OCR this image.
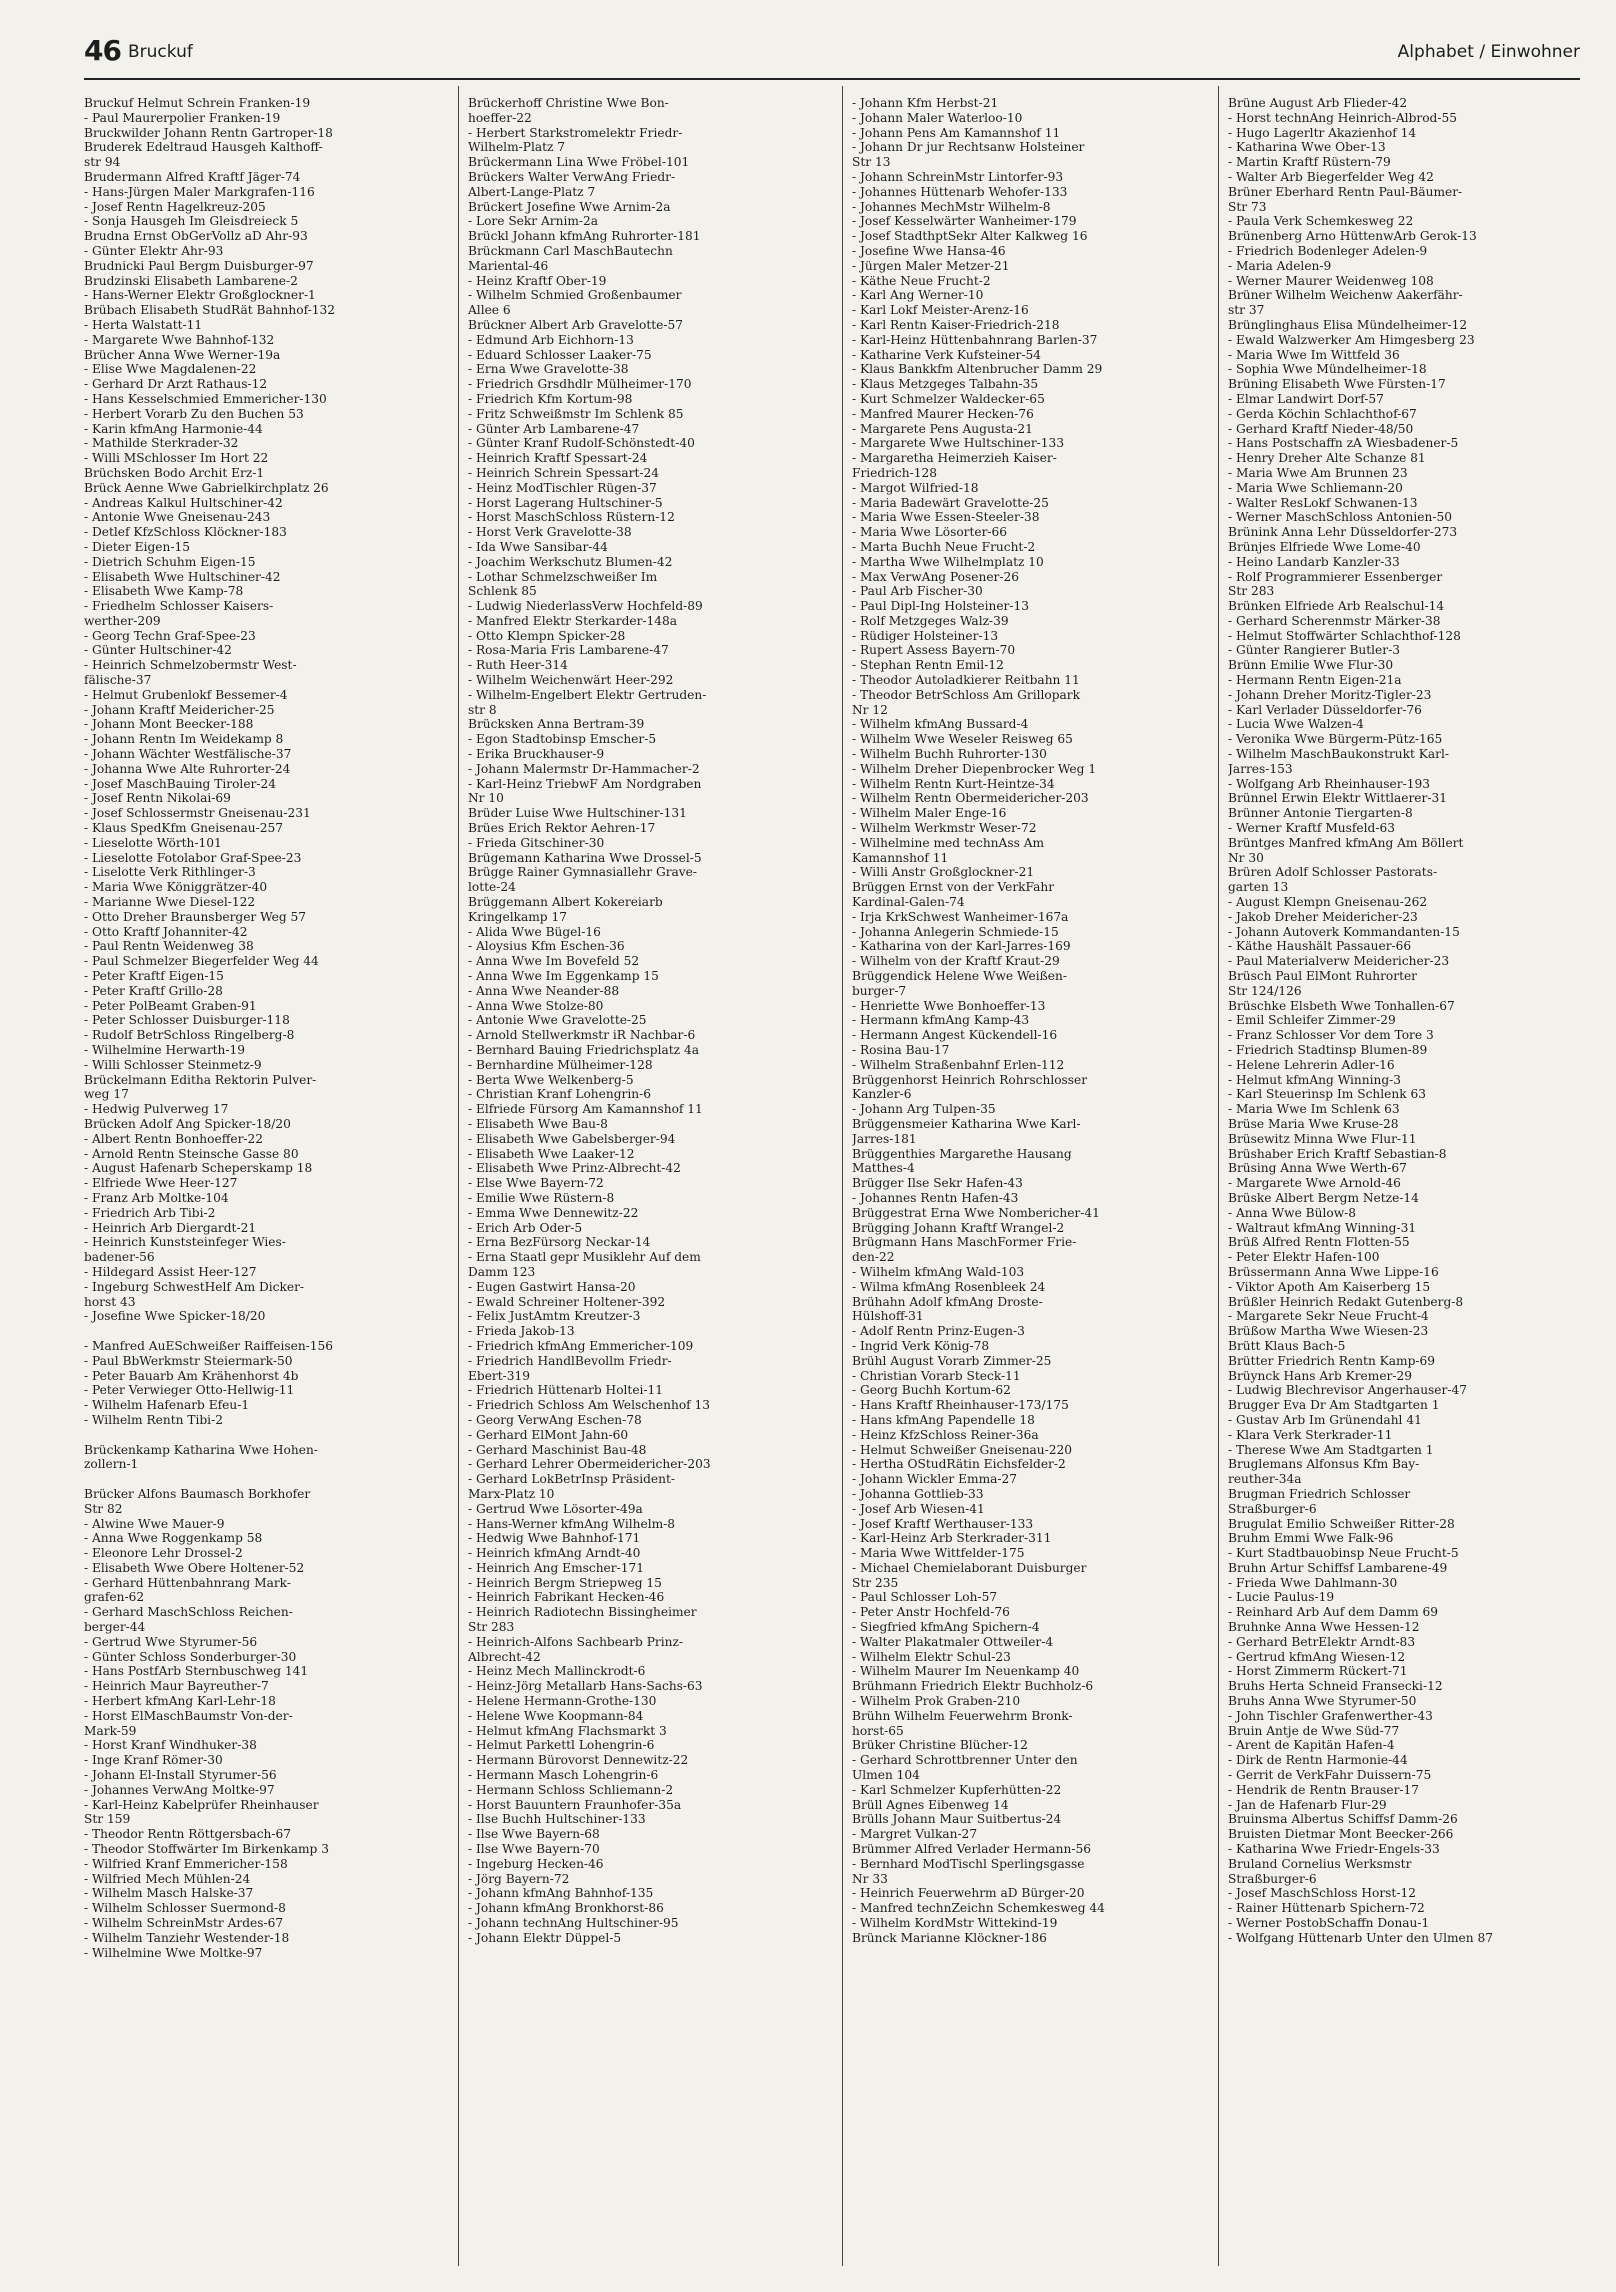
46 Bruckuf	Alphabet / Einwohner
Bruckuf Helmut Schrein Franken-19
- Paul Maurerpolier Franken-19
Bruckwilder Johann Rentn Gartroper-18
Bruderek Edeltraud Hausgeh Kalthoff-
str 94
Brudermann Alfred Kraftf Jäger-74
- Hans-Jürgen Maler Markgrafen-116
- Josef Rentn Hagelkreuz-205
- Sonja Hausgeh Im Gleisdreieck 5
Brudna Ernst ObGerVollz aD Ahr-93
- Günter Elektr Ahr-93
Brudnicki Paul Bergm Duisburger-97
Brudzinski Elisabeth Lambarene-2
- Hans-Werner Elektr Großglockner-1
Brübach Elisabeth StudRät Bahnhof-132
- Herta Walstatt-11
- Margarete Wwe Bahnhof-132
Brücher Anna Wwe Werner-19a
- Elise Wwe Magdalenen-22
- Gerhard Dr Arzt Rathaus-12
- Hans Kesselschmied Emmericher-130
- Herbert Vorarb Zu den Buchen 53
- Karin kfmAng Harmonie-44
- Mathilde Sterkrader-32
- Willi MSchlosser Im Hort 22
Brüchsken Bodo Archit Erz-1
Brück Aenne Wwe Gabrielkirchplatz 26
- Andreas Kalkul Hultschiner-42
- Antonie Wwe Gneisenau-243
- Detlef KfzSchloss Klöckner-183
- Dieter Eigen-15
- Dietrich Schuhm Eigen-15
- Elisabeth Wwe Hultschiner-42
- Elisabeth Wwe Kamp-78
- Friedhelm Schlosser Kaisers-
werther-209
- Georg Techn Graf-Spee-23
- Günter Hultschiner-42
- Heinrich Schmelzobermstr West-
fälische-37
- Helmut Grubenlokf Bessemer-4
- Johann Kraftf Meidericher-25
- Johann Mont Beecker-188
- Johann Rentn Im Weidekamp 8
- Johann Wächter Westfälische-37
- Johanna Wwe Alte Ruhrorter-24
- Josef MaschBauing Tiroler-24
- Josef Rentn Nikolai-69
- Josef Schlossermstr Gneisenau-231
- Klaus SpedKfm Gneisenau-257
- Lieselotte Wörth-101
- Lieselotte Fotolabor Graf-Spee-23
- Liselotte Verk Rithlinger-3
- Maria Wwe Königgrätzer-40
- Marianne Wwe Diesel-122
- Otto Dreher Braunsberger Weg 57
- Otto Kraftf Johanniter-42
- Paul Rentn Weidenweg 38
- Paul Schmelzer Biegerfelder Weg 44
- Peter Kraftf Eigen-15
- Peter Kraftf Grillo-28
- Peter PolBeamt Graben-91
- Peter Schlosser Duisburger-118
- Rudolf BetrSchloss Ringelberg-8
- Wilhelmine Herwarth-19
- Willi Schlosser Steinmetz-9
Brückelmann Editha Rektorin Pulver-
weg 17
- Hedwig Pulverweg 17
Brücken Adolf Ang Spicker-18/20
- Albert Rentn Bonhoeffer-22
- Arnold Rentn Steinsche Gasse 80
- August Hafenarb Scheperskamp 18
- Elfriede Wwe Heer-127
- Franz Arb Moltke-104
- Friedrich Arb Tibi-2
- Heinrich Arb Diergardt-21
- Heinrich Kunststeinfeger Wies-
badener-56
- Hildegard Assist Heer-127
- Ingeburg SchwestHelf Am Dicker-
horst 43
- Josefine Wwe Spicker-18/20
- Manfred AuESchweißer Raiffeisen-156
- Paul BbWerkmstr Steiermark-50
- Peter Bauarb Am Krähenhorst 4b
- Peter Verwieger Otto-Hellwig-11
- Wilhelm Hafenarb Efeu-1
- Wilhelm Rentn Tibi-2
Brückenkamp Katharina Wwe Hohen-
zollern-1
Brücker Alfons Baumasch Borkhofer
Str 82
- Alwine Wwe Mauer-9
- Anna Wwe Roggenkamp 58
- Eleonore Lehr Drossel-2
- Elisabeth Wwe Obere Holtener-52
- Gerhard Hüttenbahnrang Mark-
grafen-62
- Gerhard MaschSchloss Reichen-
berger-44
- Gertrud Wwe Styrumer-56
- Günter Schloss Sonderburger-30
- Hans PostfArb Sternbuschweg 141
- Heinrich Maur Bayreuther-7
- Herbert kfmAng Karl-Lehr-18
- Horst ElMaschBaumstr Von-der-
Mark-59
- Horst Kranf Windhuker-38
- Inge Kranf Römer-30
- Johann El-Install Styrumer-56
- Johannes VerwAng Moltke-97
- Karl-Heinz Kabelprüfer Rheinhauser
Str 159
- Theodor Rentn Röttgersbach-67
- Theodor Stoffwärter Im Birkenkamp 3
- Wilfried Kranf Emmericher-158
- Wilfried Mech Mühlen-24
- Wilhelm Masch Halske-37
- Wilhelm Schlosser Suermond-8
- Wilhelm SchreinMstr Ardes-67
- Wilhelm Tanziehr Westender-18
- Wilhelmine Wwe Moltke-97
Brückerhoff Christine Wwe Bon-
hoeffer-22
- Herbert Starkstromelektr Friedr-
Wilhelm-Platz 7
Brückermann Lina Wwe Fröbel-101
Brückers Walter VerwAng Friedr-
Albert-Lange-Platz 7
Brückert Josefine Wwe Arnim-2a
- Lore Sekr Arnim-2a
Brückl Johann kfmAng Ruhrorter-181
Brückmann Carl MaschBautechn
Mariental-46
- Heinz Kraftf Ober-19
- Wilhelm Schmied Großenbaumer
Allee 6
Brückner Albert Arb Gravelotte-57
- Edmund Arb Eichhorn-13
- Eduard Schlosser Laaker-75
- Erna Wwe Gravelotte-38
- Friedrich Grsdhdlr Mülheimer-170
- Friedrich Kfm Kortum-98
- Fritz Schweißmstr Im Schlenk 85
- Günter Arb Lambarene-47
- Günter Kranf Rudolf-Schönstedt-40
- Heinrich Kraftf Spessart-24
- Heinrich Schrein Spessart-24
- Heinz ModTischler Rügen-37
- Horst Lagerang Hultschiner-5
- Horst MaschSchloss Rüstern-12
- Horst Verk Gravelotte-38
- Ida Wwe Sansibar-44
- Joachim Werkschutz Blumen-42
- Lothar Schmelzschweißer Im
Schlenk 85
- Ludwig NiederlassVerw Hochfeld-89
- Manfred Elektr Sterkarder-148a
- Otto Klempn Spicker-28
- Rosa-Maria Fris Lambarene-47
- Ruth Heer-314
- Wilhelm Weichenwärt Heer-292
- Wilhelm-Engelbert Elektr Gertruden-
str 8
Brücksken Anna Bertram-39
- Egon Stadtobinsp Emscher-5
- Erika Bruckhauser-9
- Johann Malermstr Dr-Hammacher-2
- Karl-Heinz TriebwF Am Nordgraben
Nr 10
Brüder Luise Wwe Hultschiner-131
Brües Erich Rektor Aehren-17
- Frieda Gitschiner-30
Brügemann Katharina Wwe Drossel-5
Brügge Rainer Gymnasiallehr Grave-
lotte-24
Brüggemann Albert Kokereiarb
Kringelkamp 17
- Alida Wwe Bügel-16
- Aloysius Kfm Eschen-36
- Anna Wwe Im Bovefeld 52
- Anna Wwe Im Eggenkamp 15
- Anna Wwe Neander-88
- Anna Wwe Stolze-80
- Antonie Wwe Gravelotte-25
- Arnold Stellwerkmstr iR Nachbar-6
- Bernhard Bauing Friedrichsplatz 4a
- Bernhardine Mülheimer-128
- Berta Wwe Welkenberg-5
- Christian Kranf Lohengrin-6
- Elfriede Fürsorg Am Kamannshof 11
- Elisabeth Wwe Bau-8
- Elisabeth Wwe Gabelsberger-94
- Elisabeth Wwe Laaker-12
- Elisabeth Wwe Prinz-Albrecht-42
- Else Wwe Bayern-72
- Emilie Wwe Rüstern-8
- Emma Wwe Dennewitz-22
- Erich Arb Oder-5
- Erna BezFürsorg Neckar-14
- Erna Staatl gepr Musiklehr Auf dem
Damm 123
- Eugen Gastwirt Hansa-20
- Ewald Schreiner Holtener-392
- Felix JustAmtm Kreutzer-3
- Frieda Jakob-13
- Friedrich kfmAng Emmericher-109
- Friedrich HandlBevollm Friedr-
Ebert-319
- Friedrich Hüttenarb Holtei-11
- Friedrich Schloss Am Welschenhof 13
- Georg VerwAng Eschen-78
- Gerhard ElMont Jahn-60
- Gerhard Maschinist Bau-48
- Gerhard Lehrer Obermeidericher-203
- Gerhard LokBetrInsp Präsident-
Marx-Platz 10
- Gertrud Wwe Lösorter-49a
- Hans-Werner kfmAng Wilhelm-8
- Hedwig Wwe Bahnhof-171
- Heinrich kfmAng Arndt-40
- Heinrich Ang Emscher-171
- Heinrich Bergm Striepweg 15
- Heinrich Fabrikant Hecken-46
- Heinrich Radiotechn Bissingheimer
Str 283
- Heinrich-Alfons Sachbearb Prinz-
Albrecht-42
- Heinz Mech Mallinckrodt-6
- Heinz-Jörg Metallarb Hans-Sachs-63
- Helene Hermann-Grothe-130
- Helene Wwe Koopmann-84
- Helmut kfmAng Flachsmarkt 3
- Helmut Parkettl Lohengrin-6
- Hermann Bürovorst Dennewitz-22
- Hermann Masch Lohengrin-6
- Hermann Schloss Schliemann-2
- Horst Bauuntern Fraunhofer-35a
- Ilse Buchh Hultschiner-133
- Ilse Wwe Bayern-68
- Ilse Wwe Bayern-70
- Ingeburg Hecken-46
- Jörg Bayern-72
- Johann kfmAng Bahnhof-135
- Johann kfmAng Bronkhorst-86
- Johann technAng Hultschiner-95
- Johann Elektr Düppel-5
- Johann Kfm Herbst-21
- Johann Maler Waterloo-10
- Johann Pens Am Kamannshof 11
- Johann Dr jur Rechtsanw Holsteiner
Str 13
- Johann SchreinMstr Lintorfer-93
- Johannes Hüttenarb Wehofer-133
- Johannes MechMstr Wilhelm-8
- Josef Kesselwärter Wanheimer-179
- Josef StadthptSekr Alter Kalkweg 16
- Josefine Wwe Hansa-46
- Jürgen Maler Metzer-21
- Käthe Neue Frucht-2
- Karl Ang Werner-10
- Karl Lokf Meister-Arenz-16
- Karl Rentn Kaiser-Friedrich-218
- Karl-Heinz Hüttenbahnrang Barlen-37
- Katharine Verk Kufsteiner-54
- Klaus Bankkfm Altenbrucher Damm 29
- Klaus Metzgeges Talbahn-35
- Kurt Schmelzer Waldecker-65
- Manfred Maurer Hecken-76
- Margarete Pens Augusta-21
- Margarete Wwe Hultschiner-133
- Margaretha Heimerzieh Kaiser-
Friedrich-128
- Margot Wilfried-18
- Maria Badewärt Gravelotte-25
- Maria Wwe Essen-Steeler-38
- Maria Wwe Lösorter-66
- Marta Buchh Neue Frucht-2
- Martha Wwe Wilhelmplatz 10
- Max VerwAng Posener-26
- Paul Arb Fischer-30
- Paul Dipl-Ing Holsteiner-13
- Rolf Metzgeges Walz-39
- Rüdiger Holsteiner-13
- Rupert Assess Bayern-70
- Stephan Rentn Emil-12
- Theodor Autoladkierer Reitbahn 11
- Theodor BetrSchloss Am Grillopark
Nr 12
- Wilhelm kfmAng Bussard-4
- Wilhelm Wwe Weseler Reisweg 65
- Wilhelm Buchh Ruhrorter-130
- Wilhelm Dreher Diepenbrocker Weg 1
- Wilhelm Rentn Kurt-Heintze-34
- Wilhelm Rentn Obermeidericher-203
- Wilhelm Maler Enge-16
- Wilhelm Werkmstr Weser-72
- Wilhelmine med technAss Am
Kamannshof 11
- Willi Anstr Großglockner-21
Brüggen Ernst von der VerkFahr
Kardinal-Galen-74
- Irja KrkSchwest Wanheimer-167a
- Johanna Anlegerin Schmiede-15
- Katharina von der Karl-Jarres-169
- Wilhelm von der Kraftf Kraut-29
Brüggendick Helene Wwe Weißen-
burger-7
- Henriette Wwe Bonhoeffer-13
- Hermann kfmAng Kamp-43
- Hermann Angest Kückendell-16
- Rosina Bau-17
- Wilhelm Straßenbahnf Erlen-112
Brüggenhorst Heinrich Rohrschlosser
Kanzler-6
- Johann Arg Tulpen-35
Brüggensmeier Katharina Wwe Karl-
Jarres-181
Brüggenthies Margarethe Hausang
Matthes-4
Brügger Ilse Sekr Hafen-43
- Johannes Rentn Hafen-43
Brüggestrat Erna Wwe Nombericher-41
Brügging Johann Kraftf Wrangel-2
Brügmann Hans MaschFormer Frie-
den-22
- Wilhelm kfmAng Wald-103
- Wilma kfmAng Rosenbleek 24
Brühahn Adolf kfmAng Droste-
Hülshoff-31
- Adolf Rentn Prinz-Eugen-3
- Ingrid Verk König-78
Brühl August Vorarb Zimmer-25
- Christian Vorarb Steck-11
- Georg Buchh Kortum-62
- Hans Kraftf Rheinhauser-173/175
- Hans kfmAng Papendelle 18
- Heinz KfzSchloss Reiner-36a
- Helmut Schweißer Gneisenau-220
- Hertha OStudRätin Eichsfelder-2
- Johann Wickler Emma-27
- Johanna Gottlieb-33
- Josef Arb Wiesen-41
- Josef Kraftf Werthauser-133
- Karl-Heinz Arb Sterkrader-311
- Maria Wwe Wittfelder-175
- Michael Chemielaborant Duisburger
Str 235
- Paul Schlosser Loh-57
- Peter Anstr Hochfeld-76
- Siegfried kfmAng Spichern-4
- Walter Plakatmaler Ottweiler-4
- Wilhelm Elektr Schul-23
- Wilhelm Maurer Im Neuenkamp 40
Brühmann Friedrich Elektr Buchholz-6
- Wilhelm Prok Graben-210
Brühn Wilhelm Feuerwehrm Bronk-
horst-65
Brüker Christine Blücher-12
- Gerhard Schrottbrenner Unter den
Ulmen 104
- Karl Schmelzer Kupferhütten-22
Brüll Agnes Eibenweg 14
Brülls Johann Maur Suitbertus-24
- Margret Vulkan-27
Brümmer Alfred Verlader Hermann-56
- Bernhard ModTischl Sperlingsgasse
Nr 33
- Heinrich Feuerwehrm aD Bürger-20
- Manfred technZeichn Schemkesweg 44
- Wilhelm KordMstr Wittekind-19
Brünck Marianne Klöckner-186
Brüne August Arb Flieder-42
- Horst technAng Heinrich-Albrod-55
- Hugo Lagerltr Akazienhof 14
- Katharina Wwe Ober-13
- Martin Kraftf Rüstern-79
- Walter Arb Biegerfelder Weg 42
Brüner Eberhard Rentn Paul-Bäumer-
Str 73
- Paula Verk Schemkesweg 22
Brünenberg Arno HüttenwArb Gerok-13
- Friedrich Bodenleger Adelen-9
- Maria Adelen-9
- Werner Maurer Weidenweg 108
Brüner Wilhelm Weichenw Aakerfähr-
str 37
Brünglinghaus Elisa Mündelheimer-12
- Ewald Walzwerker Am Himgesberg 23
- Maria Wwe Im Wittfeld 36
- Sophia Wwe Mündelheimer-18
Brüning Elisabeth Wwe Fürsten-17
- Elmar Landwirt Dorf-57
- Gerda Köchin Schlachthof-67
- Gerhard Kraftf Nieder-48/50
- Hans Postschaffn zA Wiesbadener-5
- Henry Dreher Alte Schanze 81
- Maria Wwe Am Brunnen 23
- Maria Wwe Schliemann-20
- Walter ResLokf Schwanen-13
- Werner MaschSchloss Antonien-50
Brünink Anna Lehr Düsseldorfer-273
Brünjes Elfriede Wwe Lome-40
- Heino Landarb Kanzler-33
- Rolf Programmierer Essenberger
Str 283
Brünken Elfriede Arb Realschul-14
- Gerhard Scherenmstr Märker-38
- Helmut Stoffwärter Schlachthof-128
- Günter Rangierer Butler-3
Brünn Emilie Wwe Flur-30
- Hermann Rentn Eigen-21a
- Johann Dreher Moritz-Tigler-23
- Karl Verlader Düsseldorfer-76
- Lucia Wwe Walzen-4
- Veronika Wwe Bürgerm-Pütz-165
- Wilhelm MaschBaukonstrukt Karl-
Jarres-153
- Wolfgang Arb Rheinhauser-193
Brünnel Erwin Elektr Wittlaerer-31
Brünner Antonie Tiergarten-8
- Werner Kraftf Musfeld-63
Brüntges Manfred kfmAng Am Böllert
Nr 30
Brüren Adolf Schlosser Pastorats-
garten 13
- August Klempn Gneisenau-262
- Jakob Dreher Meidericher-23
- Johann Autoverk Kommandanten-15
- Käthe Haushält Passauer-66
- Paul Materialverw Meidericher-23
Brüsch Paul ElMont Ruhrorter
Str 124/126
Brüschke Elsbeth Wwe Tonhallen-67
- Emil Schleifer Zimmer-29
- Franz Schlosser Vor dem Tore 3
- Friedrich Stadtinsp Blumen-89
- Helene Lehrerin Adler-16
- Helmut kfmAng Winning-3
- Karl Steuerinsp Im Schlenk 63
- Maria Wwe Im Schlenk 63
Brüse Maria Wwe Kruse-28
Brüsewitz Minna Wwe Flur-11
Brüshaber Erich Kraftf Sebastian-8
Brüsing Anna Wwe Werth-67
- Margarete Wwe Arnold-46
Brüske Albert Bergm Netze-14
- Anna Wwe Bülow-8
- Waltraut kfmAng Winning-31
Brüß Alfred Rentn Flotten-55
- Peter Elektr Hafen-100
Brüssermann Anna Wwe Lippe-16
- Viktor Apoth Am Kaiserberg 15
Brüßler Heinrich Redakt Gutenberg-8
- Margarete Sekr Neue Frucht-4
Brüßow Martha Wwe Wiesen-23
Brütt Klaus Bach-5
Brütter Friedrich Rentn Kamp-69
Brüynck Hans Arb Kremer-29
- Ludwig Blechrevisor Angerhauser-47
Brugger Eva Dr Am Stadtgarten 1
- Gustav Arb Im Grünendahl 41
- Klara Verk Sterkrader-11
- Therese Wwe Am Stadtgarten 1
Bruglemans Alfonsus Kfm Bay-
reuther-34a
Brugman Friedrich Schlosser
Straßburger-6
Brugulat Emilio Schweißer Ritter-28
Bruhm Emmi Wwe Falk-96
- Kurt Stadtbauobinsp Neue Frucht-5
Bruhn Artur Schiffsf Lambarene-49
- Frieda Wwe Dahlmann-30
- Lucie Paulus-19
- Reinhard Arb Auf dem Damm 69
Bruhnke Anna Wwe Hessen-12
- Gerhard BetrElektr Arndt-83
- Gertrud kfmAng Wiesen-12
- Horst Zimmerm Rückert-71
Bruhs Herta Schneid Fransecki-12
Bruhs Anna Wwe Styrumer-50
- John Tischler Grafenwerther-43
Bruin Antje de Wwe Süd-77
- Arent de Kapitän Hafen-4
- Dirk de Rentn Harmonie-44
- Gerrit de VerkFahr Duissern-75
- Hendrik de Rentn Brauser-17
- Jan de Hafenarb Flur-29
Bruinsma Albertus Schiffsf Damm-26
Bruisten Dietmar Mont Beecker-266
- Katharina Wwe Friedr-Engels-33
Bruland Cornelius Werksmstr
Straßburger-6
- Josef MaschSchloss Horst-12
- Rainer Hüttenarb Spichern-72
- Werner PostobSchaffn Donau-1
- Wolfgang Hüttenarb Unter den Ulmen 87
